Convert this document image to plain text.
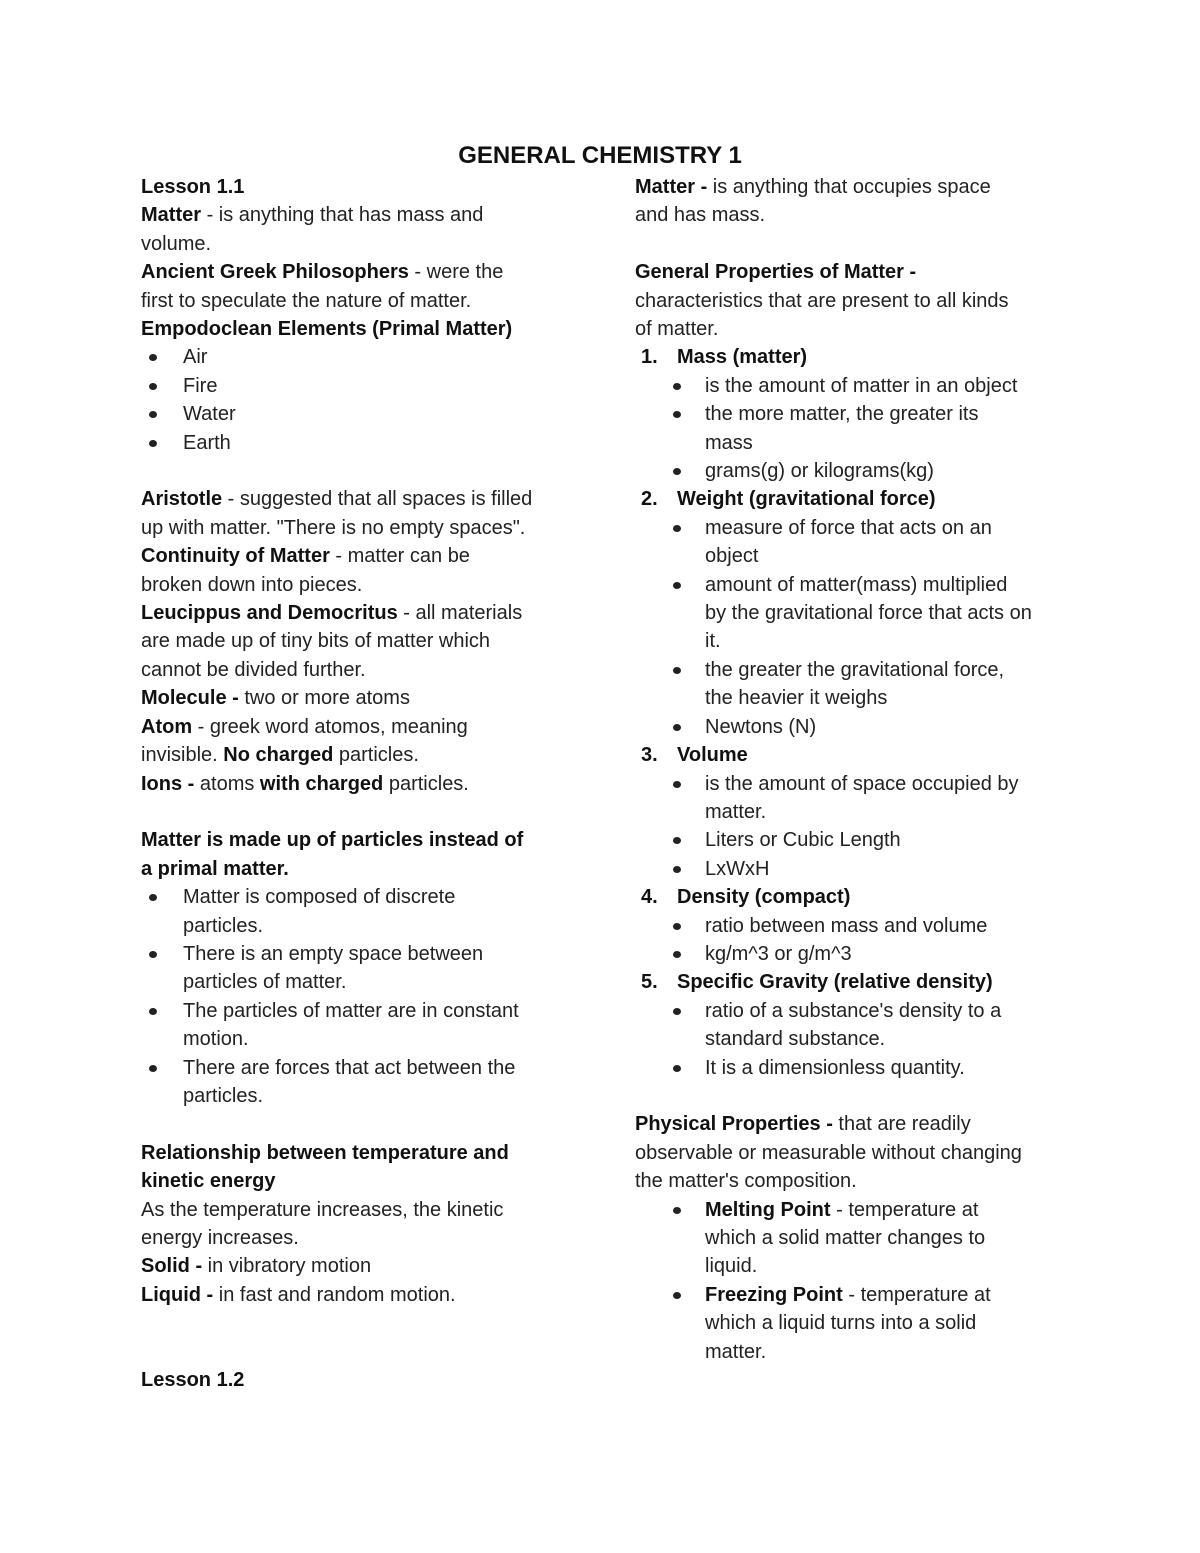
GENERAL CHEMISTRY 1
Lesson 1.1
Matter - is anything that has mass and
volume.
Ancient Greek Philosophers - were the
first to speculate the nature of matter.
Empodoclean Elements (Primal Matter)
Air
Fire
Water
Earth
Aristotle - suggested that all spaces is filled
up with matter. "There is no empty spaces".
Continuity of Matter - matter can be
broken down into pieces.
Leucippus and Democritus - all materials
are made up of tiny bits of matter which
cannot be divided further.
Molecule - two or more atoms
Atom - greek word atomos, meaning
invisible. No charged particles.
Ions - atoms with charged particles.
Matter is made up of particles instead of
a primal matter.
Matter is composed of discrete
particles.
There is an empty space between
particles of matter.
The particles of matter are in constant
motion.
There are forces that act between the
particles.
Relationship between temperature and
kinetic energy
As the temperature increases, the kinetic
energy increases.
Solid - in vibratory motion
Liquid - in fast and random motion.
Lesson 1.2
Matter - is anything that occupies space
and has mass.
General Properties of Matter -
characteristics that are present to all kinds
of matter.
1. Mass (matter)
is the amount of matter in an object
the more matter, the greater its
mass
grams(g) or kilograms(kg)
2. Weight (gravitational force)
measure of force that acts on an
object
amount of matter(mass) multiplied
by the gravitational force that acts on
it.
the greater the gravitational force,
the heavier it weighs
Newtons (N)
3. Volume
is the amount of space occupied by
matter.
Liters or Cubic Length
LxWxH
4. Density (compact)
ratio between mass and volume
kg/m^3 or g/m^3
5. Specific Gravity (relative density)
ratio of a substance's density to a
standard substance.
It is a dimensionless quantity.
Physical Properties - that are readily
observable or measurable without changing
the matter's composition.
Melting Point - temperature at
which a solid matter changes to
liquid.
Freezing Point - temperature at
which a liquid turns into a solid
matter.
